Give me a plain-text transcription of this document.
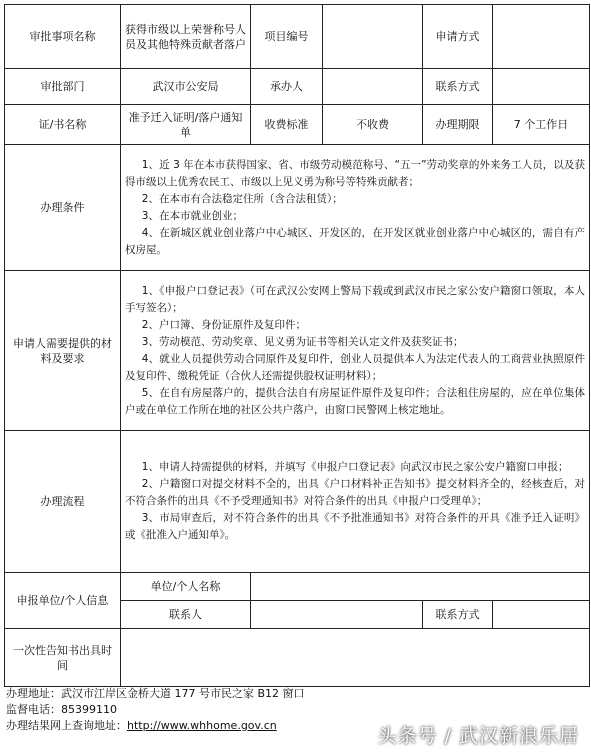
审批事项名称	获得市级以上荣誉称号人员及其他特殊贡献者落户	项目编号		申请方式	
审批部门	武汉市公安局	承办人		联系方式	
证/书名称	准予迁入证明/落户通知单	收费标准	不收费	办理期限	7 个工作日
办理条件	1、近 3 年在本市获得国家、省、市级劳动模范称号、“五一”劳动奖章的外来务工人员，以及获得市级以上优秀农民工、市级以上见义勇为称号等特殊贡献者；

2、在本市有合法稳定住所（含合法租赁）；

3、在本市就业创业；

4、在新城区就业创业落户中心城区、开发区的，在开发区就业创业落户中心城区的，需自有产权房屋。				

申请人需要提供的材料及要求	1、《申报户口登记表》（可在武汉公安网上警局下载或到武汉市民之家公安户籍窗口领取，本人手写签名）；

2、户口簿、身份证原件及复印件；

3、劳动模范、劳动奖章、见义勇为证书等相关认定文件及获奖证书；

4、就业人员提供劳动合同原件及复印件，创业人员提供本人为法定代表人的工商营业执照原件及复印件、缴税凭证（合伙人还需提供股权证明材料）；

5、在自有房屋落户的，提供合法自有房屋证件原件及复印件；合法租住房屋的，应在单位集体户或在单位工作所在地的社区公共户落户，由窗口民警网上核定地址。				

办理流程	1、申请人持需提供的材料，并填写《申报户口登记表》向武汉市民之家公安户籍窗口申报；

2、户籍窗口对提交材料不全的，出具《户口材料补正告知书》提交材料齐全的，经核查后，对不符合条件的出具《不予受理通知书》对符合条件的出具《申报户口受理单》；

3、市局审查后，对不符合条件的出具《不予批准通知书》对符合条件的开具《准予迁入证明》或《批准入户通知单》。				

申报单位/个人信息	单位/个人名称				
	联系人			联系方式	
一次性告知书出具时间					
办理地址：武汉市江岸区金桥大道 177 号市民之家 B12 窗口
监督电话：85399110
办理结果网上查询地址：http://www.whhome.gov.cn	头条号 / 武汉新浪乐居
